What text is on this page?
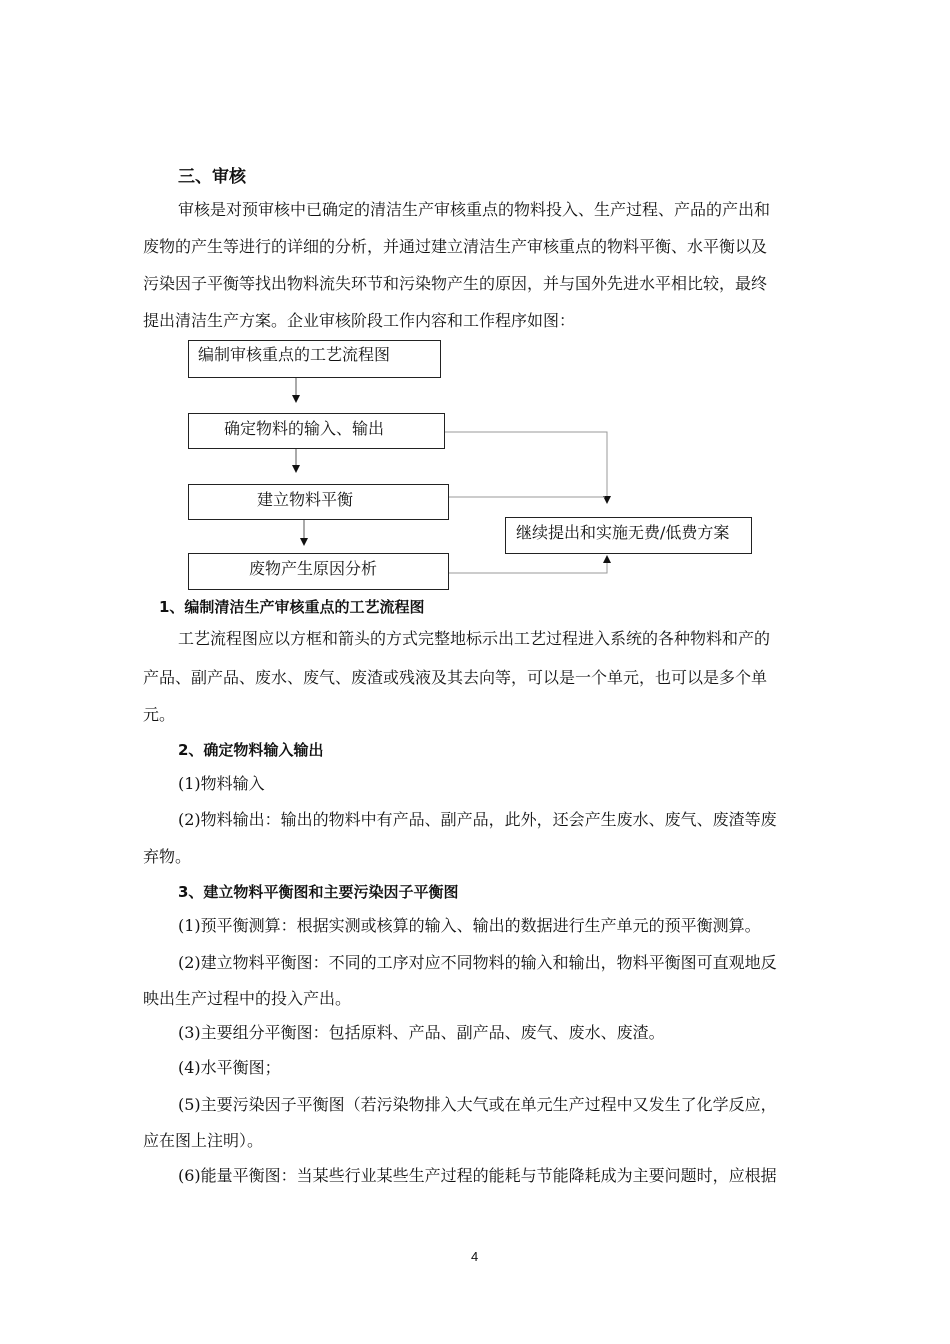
三、审核
审核是对预审核中已确定的清洁生产审核重点的物料投入、生产过程、产品的产出和
废物的产生等进行的详细的分析，并通过建立清洁生产审核重点的物料平衡、水平衡以及
污染因子平衡等找出物料流失环节和污染物产生的原因，并与国外先进水平相比较，最终
提出清洁生产方案。企业审核阶段工作内容和工作程序如图：
编制审核重点的工艺流程图
确定物料的输入、输出
建立物料平衡
废物产生原因分析
继续提出和实施无费/低费方案
1、编制清洁生产审核重点的工艺流程图
工艺流程图应以方框和箭头的方式完整地标示出工艺过程进入系统的各种物料和产的
产品、副产品、废水、废气、废渣或残液及其去向等，可以是一个单元，也可以是多个单
元。
2、确定物料输入输出
(1)物料输入
(2)物料输出：输出的物料中有产品、副产品，此外，还会产生废水、废气、废渣等废
弃物。
3、建立物料平衡图和主要污染因子平衡图
(1)预平衡测算：根据实测或核算的输入、输出的数据进行生产单元的预平衡测算。
(2)建立物料平衡图：不同的工序对应不同物料的输入和输出，物料平衡图可直观地反
映出生产过程中的投入产出。
(3)主要组分平衡图：包括原料、产品、副产品、废气、废水、废渣。
(4)水平衡图；
(5)主要污染因子平衡图（若污染物排入大气或在单元生产过程中又发生了化学反应，
应在图上注明）。
(6)能量平衡图：当某些行业某些生产过程的能耗与节能降耗成为主要问题时，应根据
4
